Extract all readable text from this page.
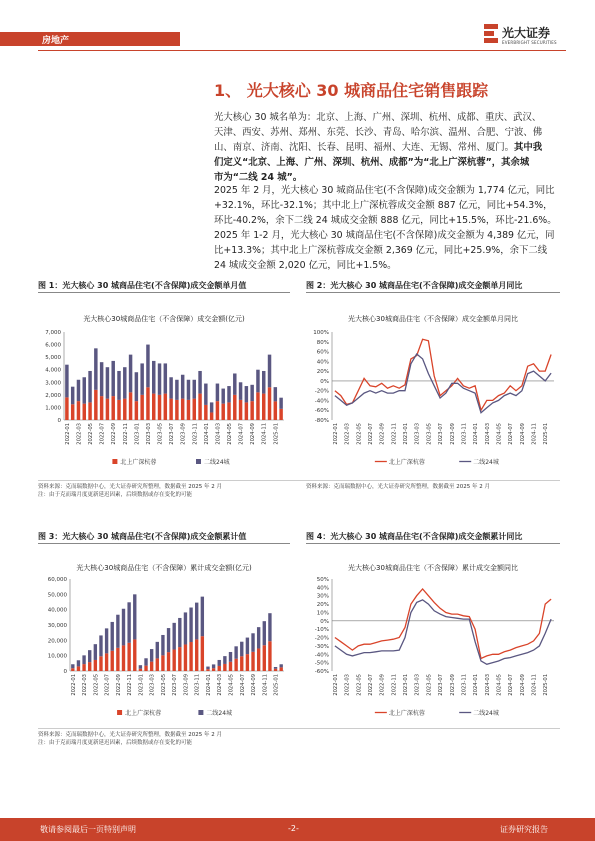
房地产
光大证券
EVERBRIGHT SECURITIES
1、 光大核心 30 城商品住宅销售跟踪
光大核心 30 城名单为：北京、上海、广州、深圳、杭州、成都、重庆、武汉、
天津、西安、苏州、郑州、东莞、长沙、青岛、哈尔滨、温州、合肥、宁波、佛
山、南京、济南、沈阳、长春、昆明、福州、大连、无锡、常州、厦门。其中我
们定义“北京、上海、广州、深圳、杭州、成都”为“北上广深杭蓉”，其余城
市为“二线 24 城”。
2025 年 2 月，光大核心 30 城商品住宅(不含保障)成交金额为 1,774 亿元，同比
+32.1%，环比-32.1%；其中北上广深杭蓉成交金额 887 亿元，同比+54.3%，
环比-40.2%，余下二线 24 城成交金额 888 亿元，同比+15.5%，环比-21.6%。
2025 年 1-2 月，光大核心 30 城商品住宅(不含保障)成交金额为 4,389 亿元，同
比+13.3%；其中北上广深杭蓉成交金额 2,369 亿元，同比+25.9%，余下二线
24 城成交金额 2,020 亿元，同比+1.5%。
图 1：光大核心 30 城商品住宅(不含保障)成交金额单月值
光大核心30城商品住宅（不含保障）成交金额(亿元)
0
1,000
2,000
3,000
4,000
5,000
6,000
7,000
2022-01 2022-03 2022-05 2022-07 2022-09 2022-11 2023-01 2023-03 2023-05 2023-07 2023-09 2023-11 2024-01 2024-03 2024-05 2024-07 2024-09 2024-11 2025-01
北上广深杭蓉	二线24城
图 2：光大核心 30 城商品住宅(不含保障)成交金额单月同比
光大核心30城商品住宅（不含保障）成交金额单月同比
-80%
-60%
-40%
-20%
0%
20%
40%
60%
80%
100%
2022-01 2022-03 2022-05 2022-07 2022-09 2022-11 2023-01 2023-03 2023-05 2023-07 2023-09 2023-11 2024-01 2024-03 2024-05 2024-07 2024-09 2024-11 2025-01
北上广深杭蓉	二线24城
资料来源：克而瑞数据中心，光大证券研究所整理，数据截至 2025 年 2 月
注：由于克而瑞月度更新延迟因素，后续数据或存在变化的可能
资料来源：克而瑞数据中心，光大证券研究所整理，数据截至 2025 年 2 月
图 3：光大核心 30 城商品住宅(不含保障)成交金额累计值
光大核心30城商品住宅（不含保障）累计成交金额(亿元)
0
10,000
20,000
30,000
40,000
50,000
60,000
2022-01 2022-03 2022-05 2022-07 2022-09 2022-11 2023-01 2023-03 2023-05 2023-07 2023-09 2023-11 2024-01 2024-03 2024-05 2024-07 2024-09 2024-11 2025-01
北上广深杭蓉	二线24城
图 4：光大核心 30 城商品住宅(不含保障)成交金额累计同比
光大核心30城商品住宅（不含保障）累计成交金额同比
-60%
-50%
-40%
-30%
-20%
-10%
0%
10%
20%
30%
40%
50%
2022-01 2022-03 2022-05 2022-07 2022-09 2022-11 2023-01 2023-03 2023-05 2023-07 2023-09 2023-11 2024-01 2024-03 2024-05 2024-07 2024-09 2024-11 2025-01
北上广深杭蓉	二线24城
资料来源：克而瑞数据中心，光大证券研究所整理，数据截至 2025 年 2 月
注：由于克而瑞月度更新延迟因素，后续数据或存在变化的可能
敬请参阅最后一页特别声明	-2-	证券研究报告
